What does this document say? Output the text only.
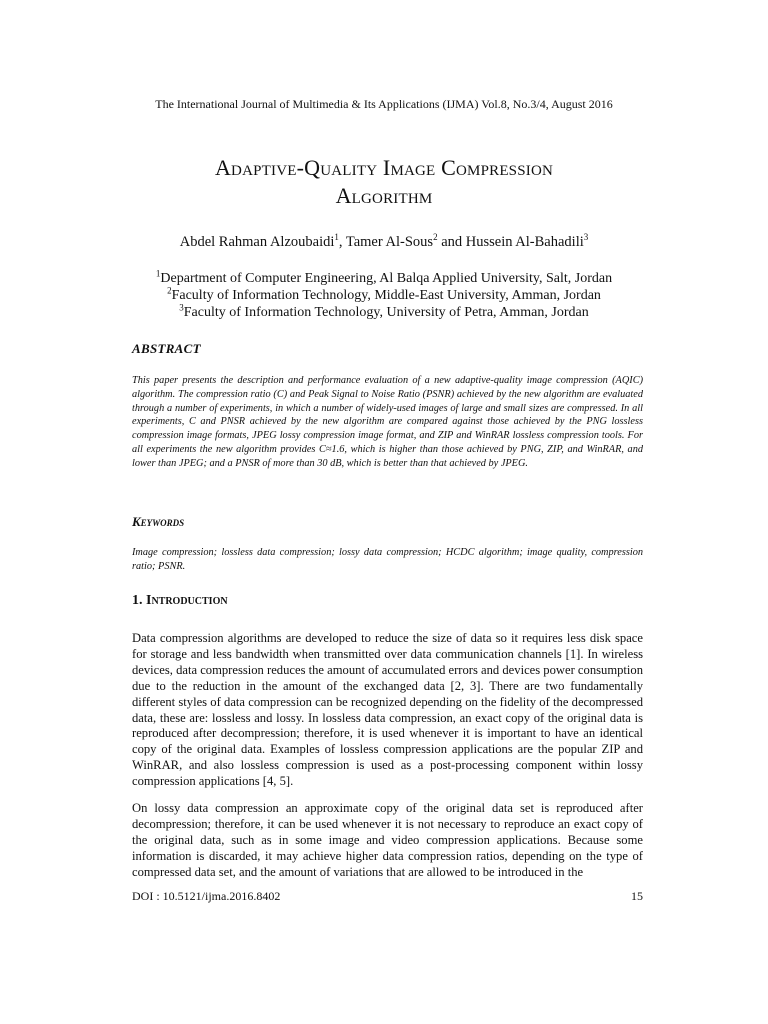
The International Journal of Multimedia & Its Applications (IJMA) Vol.8, No.3/4, August 2016
Adaptive-Quality Image Compression
Algorithm
Abdel Rahman Alzoubaidi$^1$, Tamer Al-Sous$^2$ and Hussein Al-Bahadili$^3$
$^1$Department of Computer Engineering, Al Balqa Applied University, Salt, Jordan
$^2$Faculty of Information Technology, Middle-East University, Amman, Jordan
$^3$Faculty of Information Technology, University of Petra, Amman, Jordan
ABSTRACT
This paper presents the description and performance evaluation of a new adaptive-quality image compression (AQIC) algorithm. The compression ratio (C) and Peak Signal to Noise Ratio (PSNR) achieved by the new algorithm are evaluated through a number of experiments, in which a number of widely-used images of large and small sizes are compressed. In all experiments, C and PNSR achieved by the new algorithm are compared against those achieved by the PNG lossless compression image formats, JPEG lossy compression image format, and ZIP and WinRAR lossless compression tools. For all experiments the new algorithm provides C≈1.6, which is higher than those achieved by PNG, ZIP, and WinRAR, and lower than JPEG; and a PNSR of more than 30 dB, which is better than that achieved by JPEG.
Keywords
Image compression; lossless data compression; lossy data compression; HCDC algorithm; image quality, compression ratio; PSNR.
1. Introduction
Data compression algorithms are developed to reduce the size of data so it requires less disk space for storage and less bandwidth when transmitted over data communication channels [1]. In wireless devices, data compression reduces the amount of accumulated errors and devices power consumption due to the reduction in the amount of the exchanged data [2, 3]. There are two fundamentally different styles of data compression can be recognized depending on the fidelity of the decompressed data, these are: lossless and lossy. In lossless data compression, an exact copy of the original data is reproduced after decompression; therefore, it is used whenever it is important to have an identical copy of the original data. Examples of lossless compression applications are the popular ZIP and WinRAR, and also lossless compression is used as a post-processing component within lossy compression applications [4, 5].
On lossy data compression an approximate copy of the original data set is reproduced after decompression; therefore, it can be used whenever it is not necessary to reproduce an exact copy of the original data, such as in some image and video compression applications. Because some information is discarded, it may achieve higher data compression ratios, depending on the type of compressed data set, and the amount of variations that are allowed to be introduced in the
DOI : 10.5121/ijma.2016.8402	15
